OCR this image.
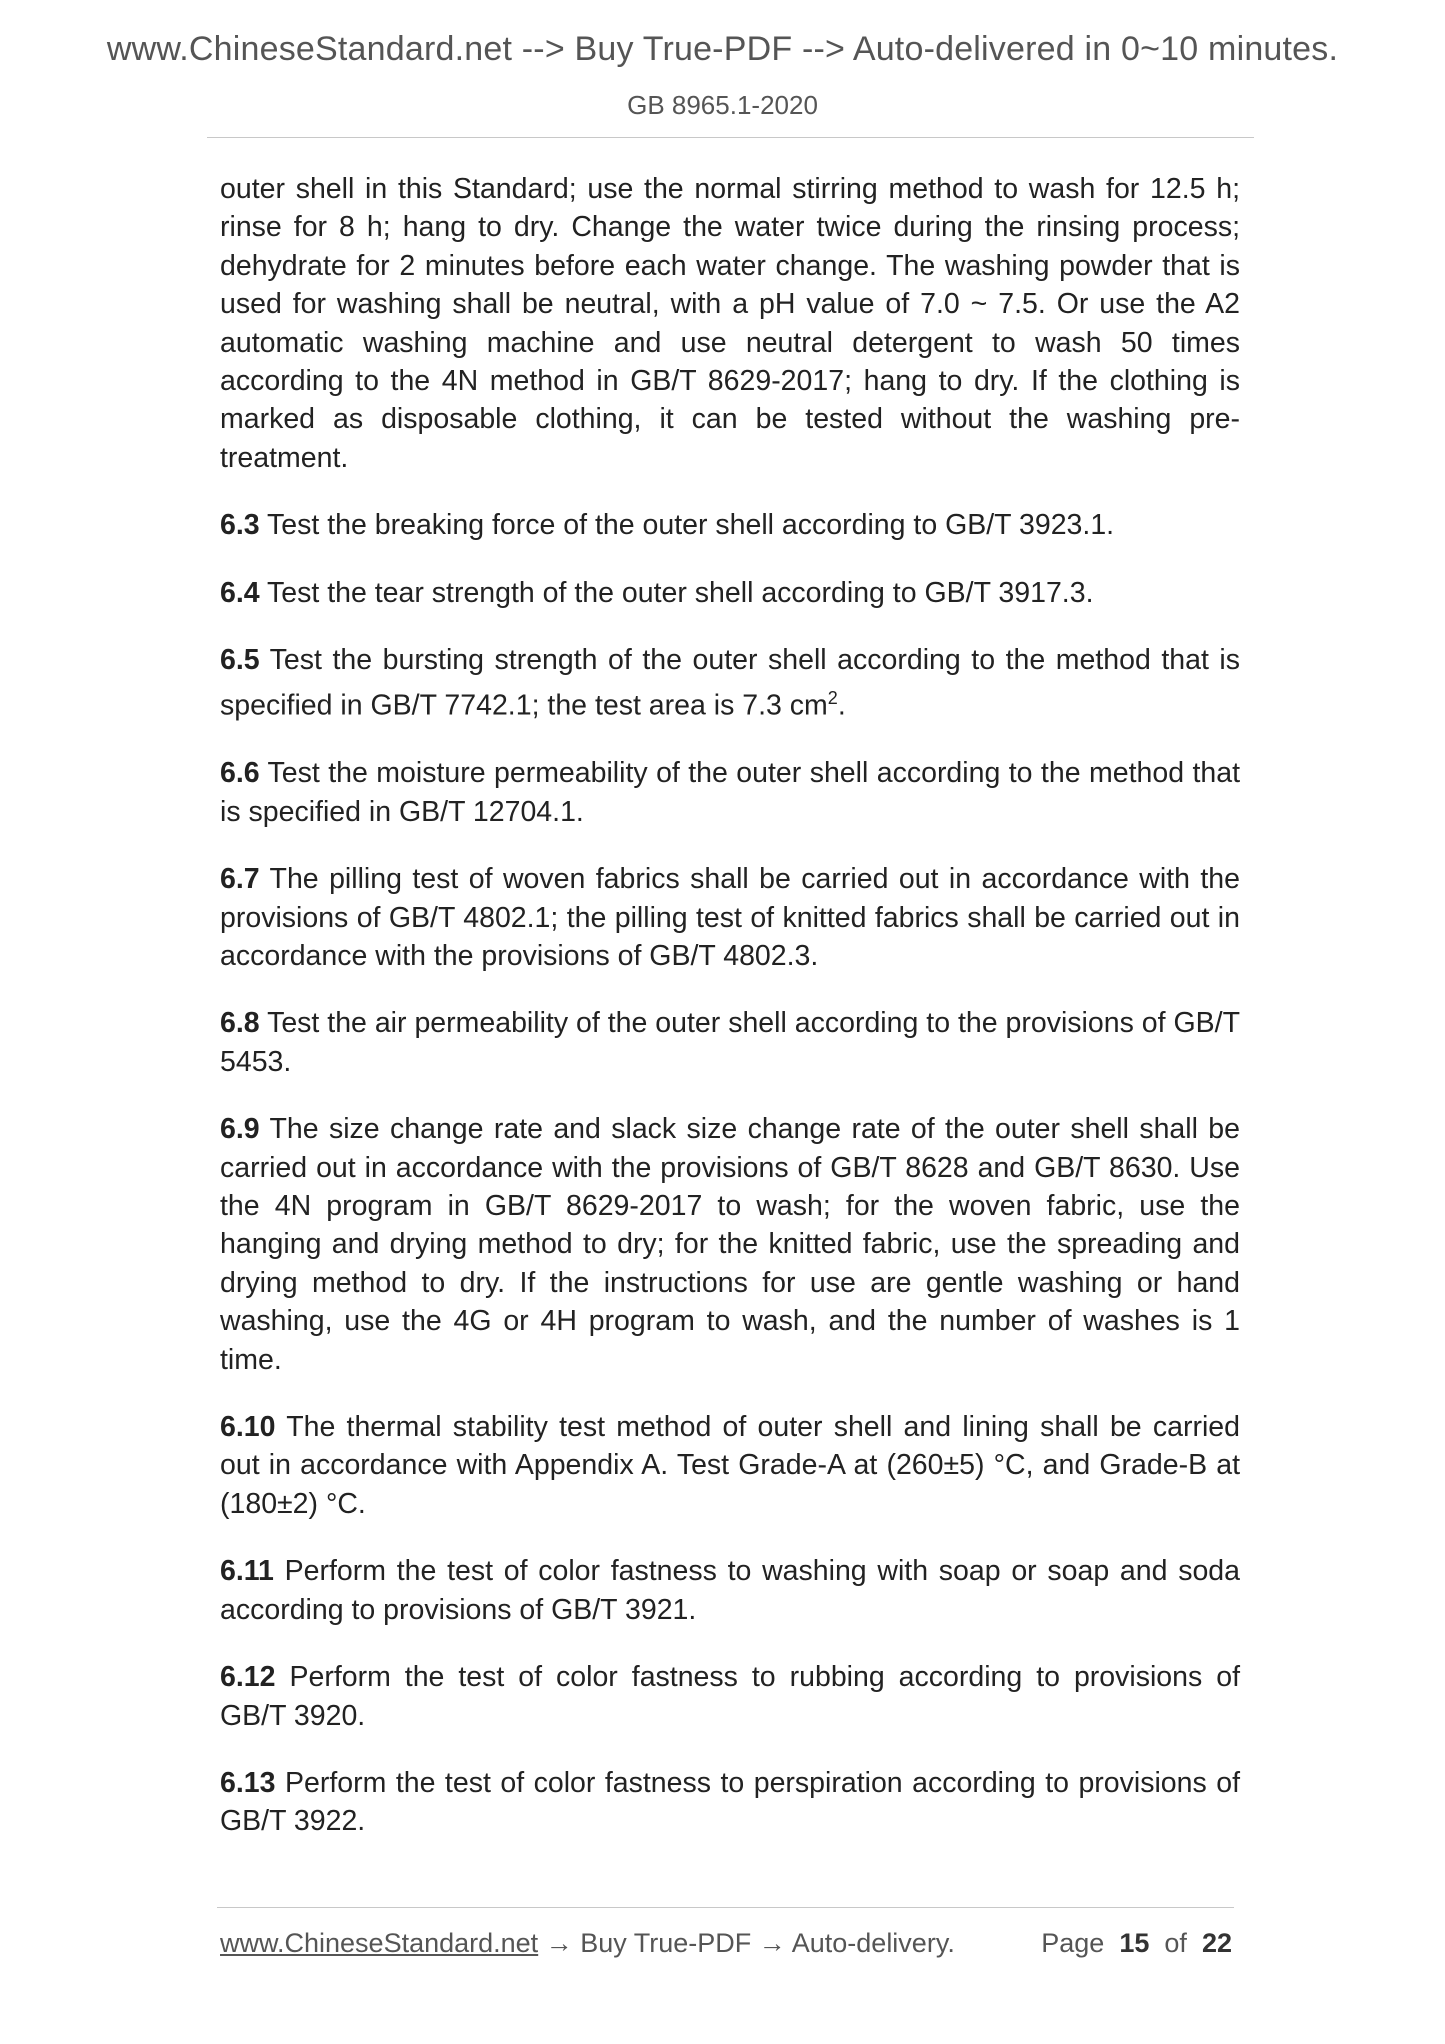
www.ChineseStandard.net --> Buy True-PDF --> Auto-delivered in 0~10 minutes.
GB 8965.1-2020

outer shell in this Standard; use the normal stirring method to wash for 12.5 h; rinse for 8 h; hang to dry. Change the water twice during the rinsing process; dehydrate for 2 minutes before each water change. The washing powder that is used for washing shall be neutral, with a pH value of 7.0 ~ 7.5. Or use the A2 automatic washing machine and use neutral detergent to wash 50 times according to the 4N method in GB/T 8629-2017; hang to dry. If the clothing is marked as disposable clothing, it can be tested without the washing pre-treatment.

6.3 Test the breaking force of the outer shell according to GB/T 3923.1.

6.4 Test the tear strength of the outer shell according to GB/T 3917.3.

6.5 Test the bursting strength of the outer shell according to the method that is specified in GB/T 7742.1; the test area is 7.3 $cm^2$.

6.6 Test the moisture permeability of the outer shell according to the method that is specified in GB/T 12704.1.

6.7 The pilling test of woven fabrics shall be carried out in accordance with the provisions of GB/T 4802.1; the pilling test of knitted fabrics shall be carried out in accordance with the provisions of GB/T 4802.3.

6.8 Test the air permeability of the outer shell according to the provisions of GB/T 5453.

6.9 The size change rate and slack size change rate of the outer shell shall be carried out in accordance with the provisions of GB/T 8628 and GB/T 8630. Use the 4N program in GB/T 8629-2017 to wash; for the woven fabric, use the hanging and drying method to dry; for the knitted fabric, use the spreading and drying method to dry. If the instructions for use are gentle washing or hand washing, use the 4G or 4H program to wash, and the number of washes is 1 time.

6.10 The thermal stability test method of outer shell and lining shall be carried out in accordance with Appendix A. Test Grade-A at (260±5) °C, and Grade-B at (180±2) °C.

6.11 Perform the test of color fastness to washing with soap or soap and soda according to provisions of GB/T 3921.

6.12 Perform the test of color fastness to rubbing according to provisions of GB/T 3920.

6.13 Perform the test of color fastness to perspiration according to provisions of GB/T 3922.

www.ChineseStandard.net → Buy True-PDF → Auto-delivery.	Page 15 of 22
